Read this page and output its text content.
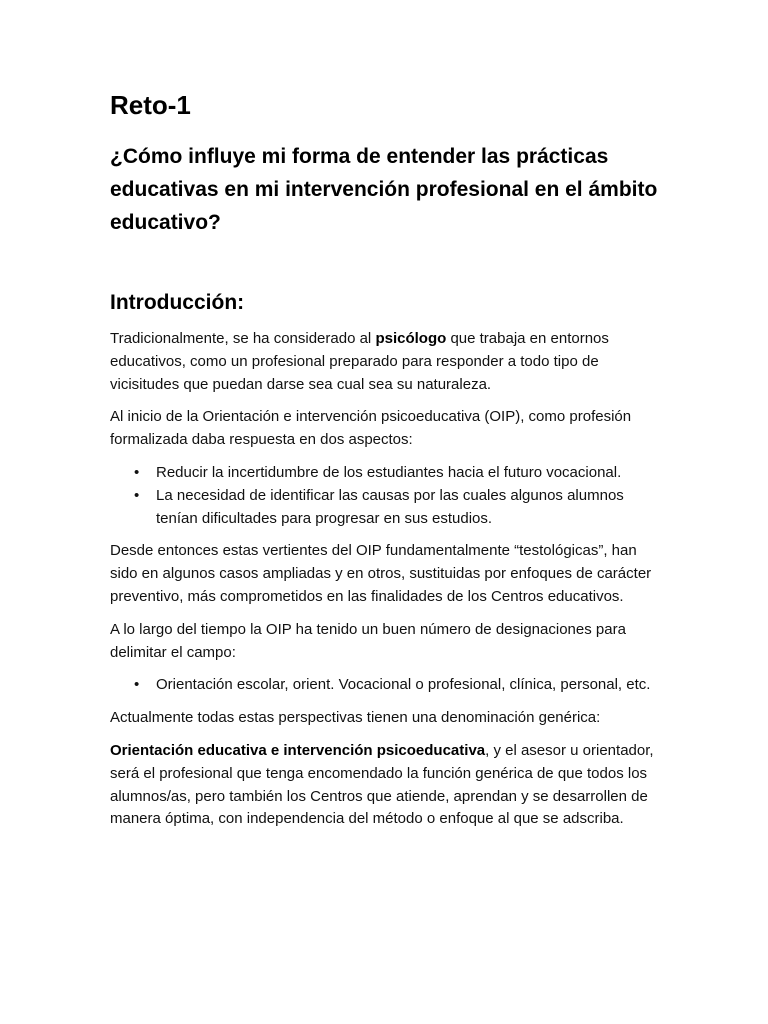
Reto-1
¿Cómo influye mi forma de entender las prácticas educativas en mi intervención profesional en el ámbito educativo?
Introducción:

Tradicionalmente, se ha considerado al psicólogo que trabaja en entornos educativos, como un profesional preparado para responder a todo tipo de vicisitudes que puedan darse sea cual sea su naturaleza.

Al inicio de la Orientación e intervención psicoeducativa (OIP), como profesión formalizada daba respuesta en dos aspectos:

• Reducir la incertidumbre de los estudiantes hacia el futuro vocacional.
• La necesidad de identificar las causas por las cuales algunos alumnos tenían dificultades para progresar en sus estudios.

Desde entonces estas vertientes del OIP fundamentalmente “testológicas”, han sido en algunos casos ampliadas y en otros, sustituidas por enfoques de carácter preventivo, más comprometidos en las finalidades de los Centros educativos.

A lo largo del tiempo la OIP ha tenido un buen número de designaciones para delimitar el campo:

• Orientación escolar, orient. Vocacional o profesional, clínica, personal, etc.

Actualmente todas estas perspectivas tienen una denominación genérica:

Orientación educativa e intervención psicoeducativa, y el asesor u orientador, será el profesional que tenga encomendado la función genérica de que todos los alumnos/as, pero también los Centros que atiende, aprendan y se desarrollen de manera óptima, con independencia del método o enfoque al que se adscriba.
